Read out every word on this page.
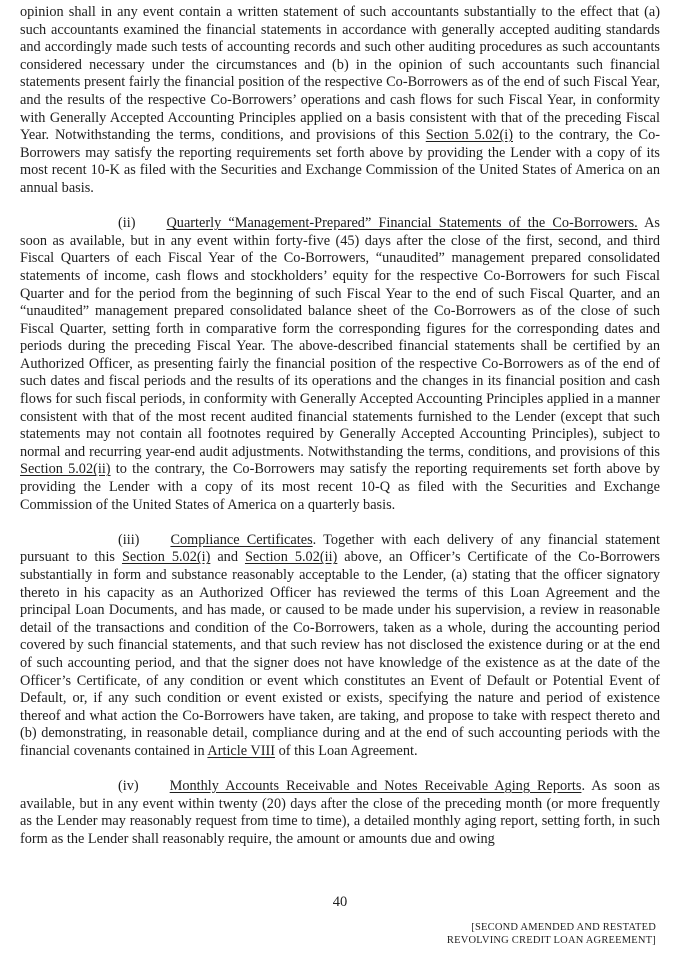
opinion shall in any event contain a written statement of such accountants substantially to the effect that (a) such accountants examined the financial statements in accordance with generally accepted auditing standards and accordingly made such tests of accounting records and such other auditing procedures as such accountants considered necessary under the circumstances and (b) in the opinion of such accountants such financial statements present fairly the financial position of the respective Co-Borrowers as of the end of such Fiscal Year, and the results of the respective Co-Borrowers’ operations and cash flows for such Fiscal Year, in conformity with Generally Accepted Accounting Principles applied on a basis consistent with that of the preceding Fiscal Year. Notwithstanding the terms, conditions, and provisions of this Section 5.02(i) to the contrary, the Co-Borrowers may satisfy the reporting requirements set forth above by providing the Lender with a copy of its most recent 10-K as filed with the Securities and Exchange Commission of the United States of America on an annual basis.

(ii) Quarterly “Management-Prepared” Financial Statements of the Co-Borrowers. As soon as available, but in any event within forty-five (45) days after the close of the first, second, and third Fiscal Quarters of each Fiscal Year of the Co-Borrowers, “unaudited” management prepared consolidated statements of income, cash flows and stockholders’ equity for the respective Co-Borrowers for such Fiscal Quarter and for the period from the beginning of such Fiscal Year to the end of such Fiscal Quarter, and an “unaudited” management prepared consolidated balance sheet of the Co-Borrowers as of the close of such Fiscal Quarter, setting forth in comparative form the corresponding figures for the corresponding dates and periods during the preceding Fiscal Year. The above-described financial statements shall be certified by an Authorized Officer, as presenting fairly the financial position of the respective Co-Borrowers as of the end of such dates and fiscal periods and the results of its operations and the changes in its financial position and cash flows for such fiscal periods, in conformity with Generally Accepted Accounting Principles applied in a manner consistent with that of the most recent audited financial statements furnished to the Lender (except that such statements may not contain all footnotes required by Generally Accepted Accounting Principles), subject to normal and recurring year-end audit adjustments. Notwithstanding the terms, conditions, and provisions of this Section 5.02(ii) to the contrary, the Co-Borrowers may satisfy the reporting requirements set forth above by providing the Lender with a copy of its most recent 10-Q as filed with the Securities and Exchange Commission of the United States of America on a quarterly basis.

(iii) Compliance Certificates. Together with each delivery of any financial statement pursuant to this Section 5.02(i) and Section 5.02(ii) above, an Officer’s Certificate of the Co-Borrowers substantially in form and substance reasonably acceptable to the Lender, (a) stating that the officer signatory thereto in his capacity as an Authorized Officer has reviewed the terms of this Loan Agreement and the principal Loan Documents, and has made, or caused to be made under his supervision, a review in reasonable detail of the transactions and condition of the Co-Borrowers, taken as a whole, during the accounting period covered by such financial statements, and that such review has not disclosed the existence during or at the end of such accounting period, and that the signer does not have knowledge of the existence as at the date of the Officer’s Certificate, of any condition or event which constitutes an Event of Default or Potential Event of Default, or, if any such condition or event existed or exists, specifying the nature and period of existence thereof and what action the Co-Borrowers have taken, are taking, and propose to take with respect thereto and (b) demonstrating, in reasonable detail, compliance during and at the end of such accounting periods with the financial covenants contained in Article VIII of this Loan Agreement.

(iv) Monthly Accounts Receivable and Notes Receivable Aging Reports. As soon as available, but in any event within twenty (20) days after the close of the preceding month (or more frequently as the Lender may reasonably request from time to time), a detailed monthly aging report, setting forth, in such form as the Lender shall reasonably require, the amount or amounts due and owing

40
[SECOND AMENDED AND RESTATED
REVOLVING CREDIT LOAN AGREEMENT]
